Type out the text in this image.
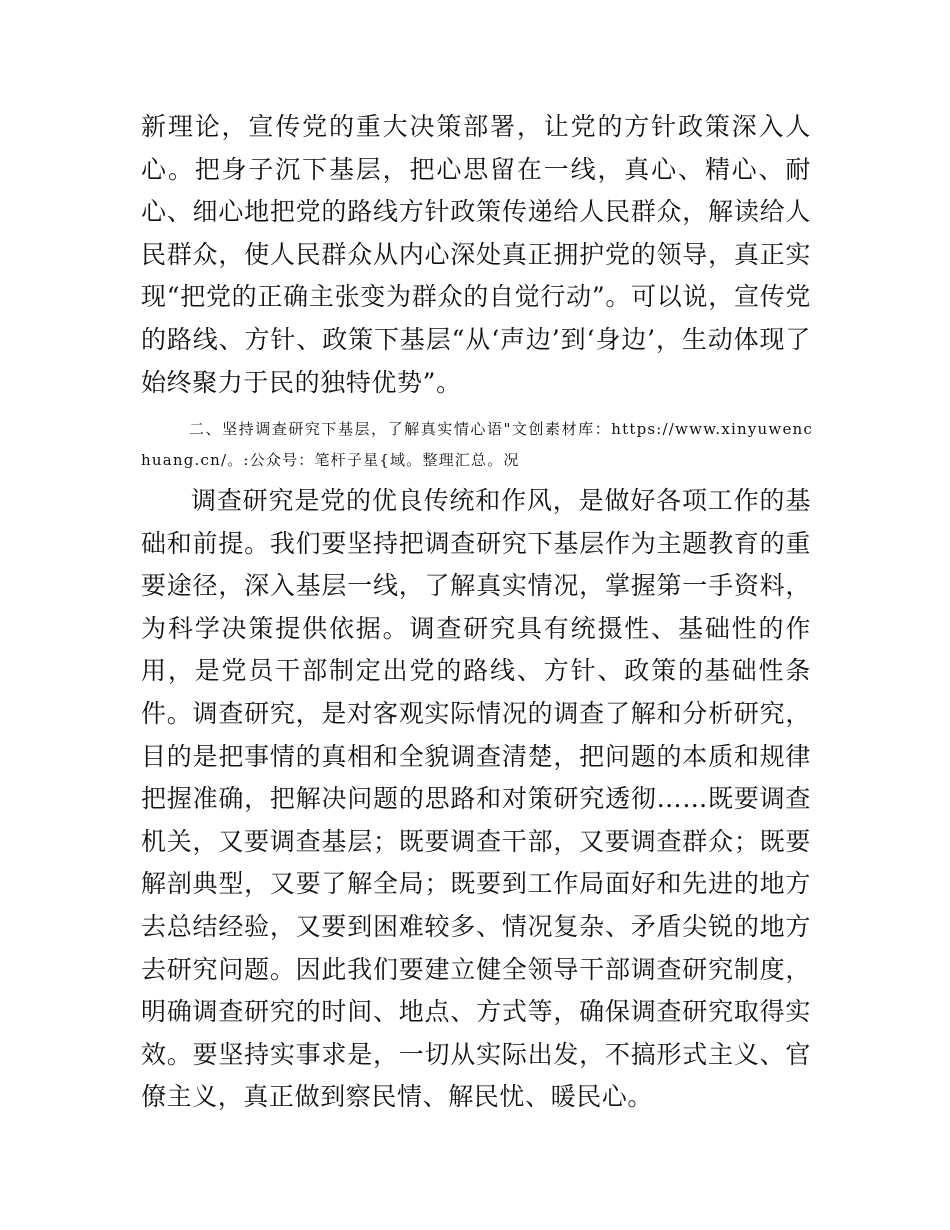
新理论，宣传党的重大决策部署，让党的方针政策深入人心。把身子沉下基层，把心思留在一线，真心、精心、耐心、细心地把党的路线方针政策传递给人民群众，解读给人民群众，使人民群众从内心深处真正拥护党的领导，真正实现“把党的正确主张变为群众的自觉行动”。可以说，宣传党的路线、方针、政策下基层“从‘声边’到‘身边’，生动体现了始终聚力于民的独特优势”。

二、坚持调查研究下基层，了解真实情心语"文创素材库：https://www.xinyuwenchuang.cn/。:公众号：笔杆子星{域。整理汇总。况

调查研究是党的优良传统和作风，是做好各项工作的基础和前提。我们要坚持把调查研究下基层作为主题教育的重要途径，深入基层一线，了解真实情况，掌握第一手资料，为科学决策提供依据。调查研究具有统摄性、基础性的作用，是党员干部制定出党的路线、方针、政策的基础性条件。调查研究，是对客观实际情况的调查了解和分析研究，目的是把事情的真相和全貌调查清楚，把问题的本质和规律把握准确，把解决问题的思路和对策研究透彻……既要调查机关，又要调查基层；既要调查干部，又要调查群众；既要解剖典型，又要了解全局；既要到工作局面好和先进的地方去总结经验，又要到困难较多、情况复杂、矛盾尖锐的地方去研究问题。因此我们要建立健全领导干部调查研究制度，明确调查研究的时间、地点、方式等，确保调查研究取得实效。要坚持实事求是，一切从实际出发，不搞形式主义、官僚主义，真正做到察民情、解民忧、暖民心。
